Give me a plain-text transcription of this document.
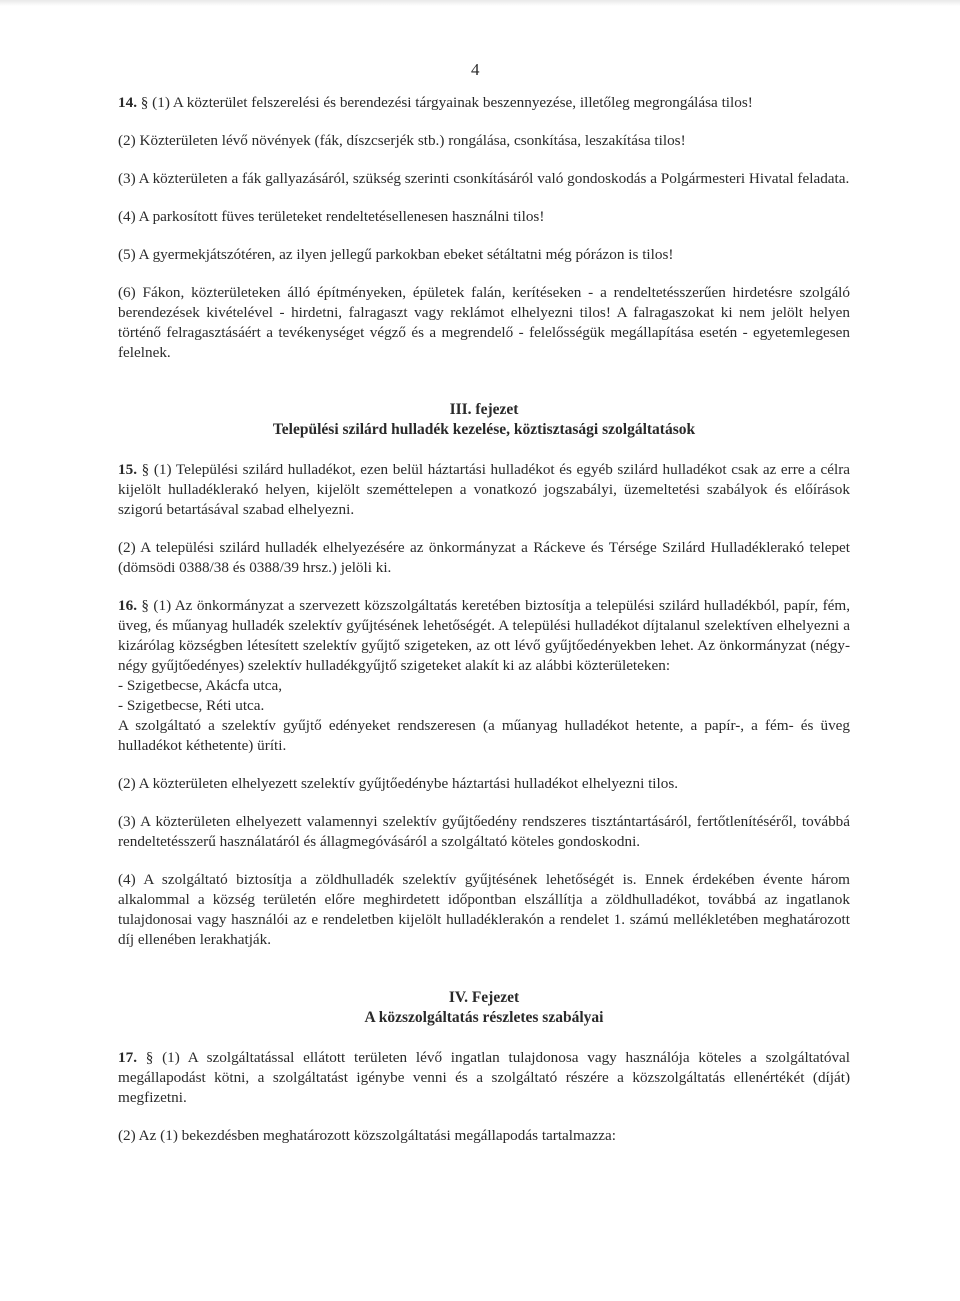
4

14. § (1) A közterület felszerelési és berendezési tárgyainak beszennyezése, illetőleg megrongálása tilos!

(2) Közterületen lévő növények (fák, díszcserjék stb.) rongálása, csonkítása, leszakítása tilos!

(3) A közterületen a fák gallyazásáról, szükség szerinti csonkításáról való gondoskodás a Polgármesteri Hivatal feladata.

(4) A parkosított füves területeket rendeltetésellenesen használni tilos!

(5) A gyermekjátszótéren, az ilyen jellegű parkokban ebeket sétáltatni még pórázon is tilos!

(6) Fákon, közterületeken álló építményeken, épületek falán, kerítéseken - a rendeltetésszerűen hirdetésre szolgáló berendezések kivételével - hirdetni, falragaszt vagy reklámot elhelyezni tilos! A falragaszokat ki nem jelölt helyen történő felragasztásáért a tevékenységet végző és a megrendelő - felelősségük megállapítása esetén - egyetemlegesen felelnek.

III. fejezet
Települési szilárd hulladék kezelése, köztisztasági szolgáltatások

15. § (1) Települési szilárd hulladékot, ezen belül háztartási hulladékot és egyéb szilárd hulladékot csak az erre a célra kijelölt hulladéklerakó helyen, kijelölt szeméttelepen a vonatkozó jogszabályi, üzemeltetési szabályok és előírások szigorú betartásával szabad elhelyezni.

(2) A települési szilárd hulladék elhelyezésére az önkormányzat a Ráckeve és Térsége Szilárd Hulladéklerakó telepet (dömsödi 0388/38 és 0388/39 hrsz.) jelöli ki.

16. § (1) Az önkormányzat a szervezett közszolgáltatás keretében biztosítja a települési szilárd hulladékból, papír, fém, üveg, és műanyag hulladék szelektív gyűjtésének lehetőségét. A települési hulladékot díjtalanul szelektíven elhelyezni a kizárólag községben létesített szelektív gyűjtő szigeteken, az ott lévő gyűjtőedényekben lehet. Az önkormányzat (négy-négy gyűjtőedényes) szelektív hulladékgyűjtő szigeteket alakít ki az alábbi közterületeken:

- Szigetbecse, Akácfa utca,

- Szigetbecse, Réti utca.

A szolgáltató a szelektív gyűjtő edényeket rendszeresen (a műanyag hulladékot hetente, a papír-, a fém- és üveg hulladékot kéthetente) üríti.

(2) A közterületen elhelyezett szelektív gyűjtőedénybe háztartási hulladékot elhelyezni tilos.

(3) A közterületen elhelyezett valamennyi szelektív gyűjtőedény rendszeres tisztántartásáról, fertőtlenítéséről, továbbá rendeltetésszerű használatáról és állagmegóvásáról a szolgáltató köteles gondoskodni.

(4) A szolgáltató biztosítja a zöldhulladék szelektív gyűjtésének lehetőségét is. Ennek érdekében évente három alkalommal a község területén előre meghirdetett időpontban elszállítja a zöldhulladékot, továbbá az ingatlanok tulajdonosai vagy használói az e rendeletben kijelölt hulladéklerakón a rendelet 1. számú mellékletében meghatározott díj ellenében lerakhatják.

IV. Fejezet
A közszolgáltatás részletes szabályai

17. § (1) A szolgáltatással ellátott területen lévő ingatlan tulajdonosa vagy használója köteles a szolgáltatóval megállapodást kötni, a szolgáltatást igénybe venni és a szolgáltató részére a közszolgáltatás ellenértékét (díját) megfizetni.

(2) Az (1) bekezdésben meghatározott közszolgáltatási megállapodás tartalmazza:
